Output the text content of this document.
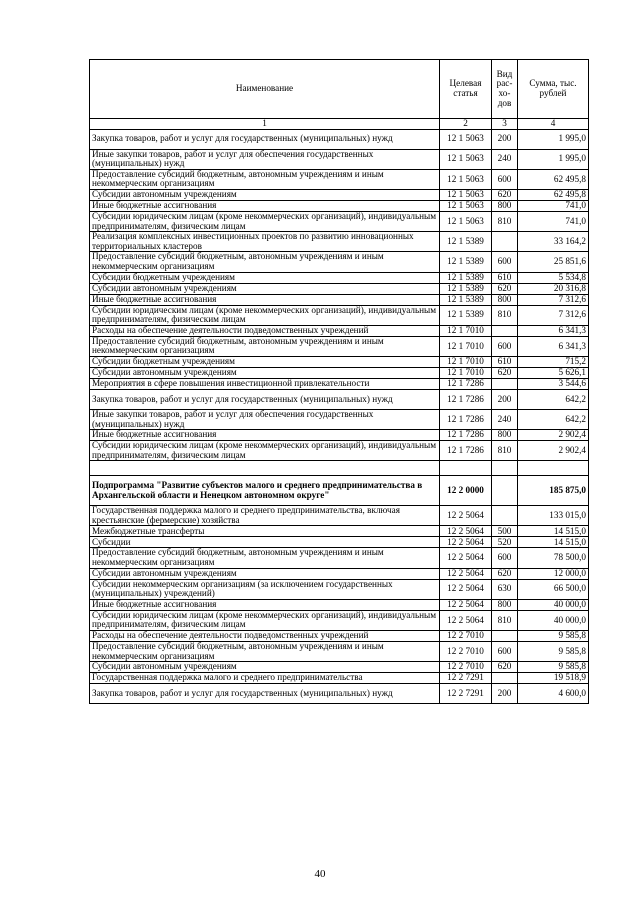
Наименование	Целевая статья	Вид рас-хо-дов	Сумма, тыс. рублей
1	2	3	4
Закупка товаров, работ и услуг для государственных (муниципальных) нужд	12 1 5063	200	1 995,0
Иные закупки товаров, работ и услуг для обеспечения государственных (муниципальных) нужд	12 1 5063	240	1 995,0
Предоставление субсидий бюджетным, автономным учреждениям и иным некоммерческим организациям	12 1 5063	600	62 495,8
Субсидии автономным учреждениям	12 1 5063	620	62 495,8
Иные бюджетные ассигнования	12 1 5063	800	741,0
Субсидии юридическим лицам (кроме некоммерческих организаций), индивидуальным предпринимателям, физическим лицам	12 1 5063	810	741,0
Реализация комплексных инвестиционных проектов по развитию инновационных территориальных кластеров	12 1 5389		33 164,2
Предоставление субсидий бюджетным, автономным учреждениям и иным некоммерческим организациям	12 1 5389	600	25 851,6
Субсидии бюджетным учреждениям	12 1 5389	610	5 534,8
Субсидии автономным учреждениям	12 1 5389	620	20 316,8
Иные бюджетные ассигнования	12 1 5389	800	7 312,6
Субсидии юридическим лицам (кроме некоммерческих организаций), индивидуальным предпринимателям, физическим лицам	12 1 5389	810	7 312,6
Расходы на обеспечение деятельности подведомственных учреждений	12 1 7010		6 341,3
Предоставление субсидий бюджетным, автономным учреждениям и иным некоммерческим организациям	12 1 7010	600	6 341,3
Субсидии бюджетным учреждениям	12 1 7010	610	715,2
Субсидии автономным учреждениям	12 1 7010	620	5 626,1
Мероприятия в сфере повышения инвестиционной привлекательности	12 1 7286		3 544,6
Закупка товаров, работ и услуг для государственных (муниципальных) нужд	12 1 7286	200	642,2
Иные закупки товаров, работ и услуг для обеспечения государственных (муниципальных) нужд	12 1 7286	240	642,2
Иные бюджетные ассигнования	12 1 7286	800	2 902,4
Субсидии юридическим лицам (кроме некоммерческих организаций), индивидуальным предпринимателям, физическим лицам	12 1 7286	810	2 902,4

Подпрограмма "Развитие субъектов малого и среднего предпринимательства в Архангельской области и Ненецком автономном округе"	12 2 0000		185 875,0
Государственная поддержка малого и среднего предпринимательства, включая крестьянские (фермерские) хозяйства	12 2 5064		133 015,0
Межбюджетные трансферты	12 2 5064	500	14 515,0
Субсидии	12 2 5064	520	14 515,0
Предоставление субсидий бюджетным, автономным учреждениям и иным некоммерческим организациям	12 2 5064	600	78 500,0
Субсидии автономным учреждениям	12 2 5064	620	12 000,0
Субсидии некоммерческим организациям (за исключением государственных (муниципальных) учреждений)	12 2 5064	630	66 500,0
Иные бюджетные ассигнования	12 2 5064	800	40 000,0
Субсидии юридическим лицам (кроме некоммерческих организаций), индивидуальным предпринимателям, физическим лицам	12 2 5064	810	40 000,0
Расходы на обеспечение деятельности подведомственных учреждений	12 2 7010		9 585,8
Предоставление субсидий бюджетным, автономным учреждениям и иным некоммерческим организациям	12 2 7010	600	9 585,8
Субсидии автономным учреждениям	12 2 7010	620	9 585,8
Государственная поддержка малого и среднего предпринимательства	12 2 7291		19 518,9
Закупка товаров, работ и услуг для государственных (муниципальных) нужд	12 2 7291	200	4 600,0
40
